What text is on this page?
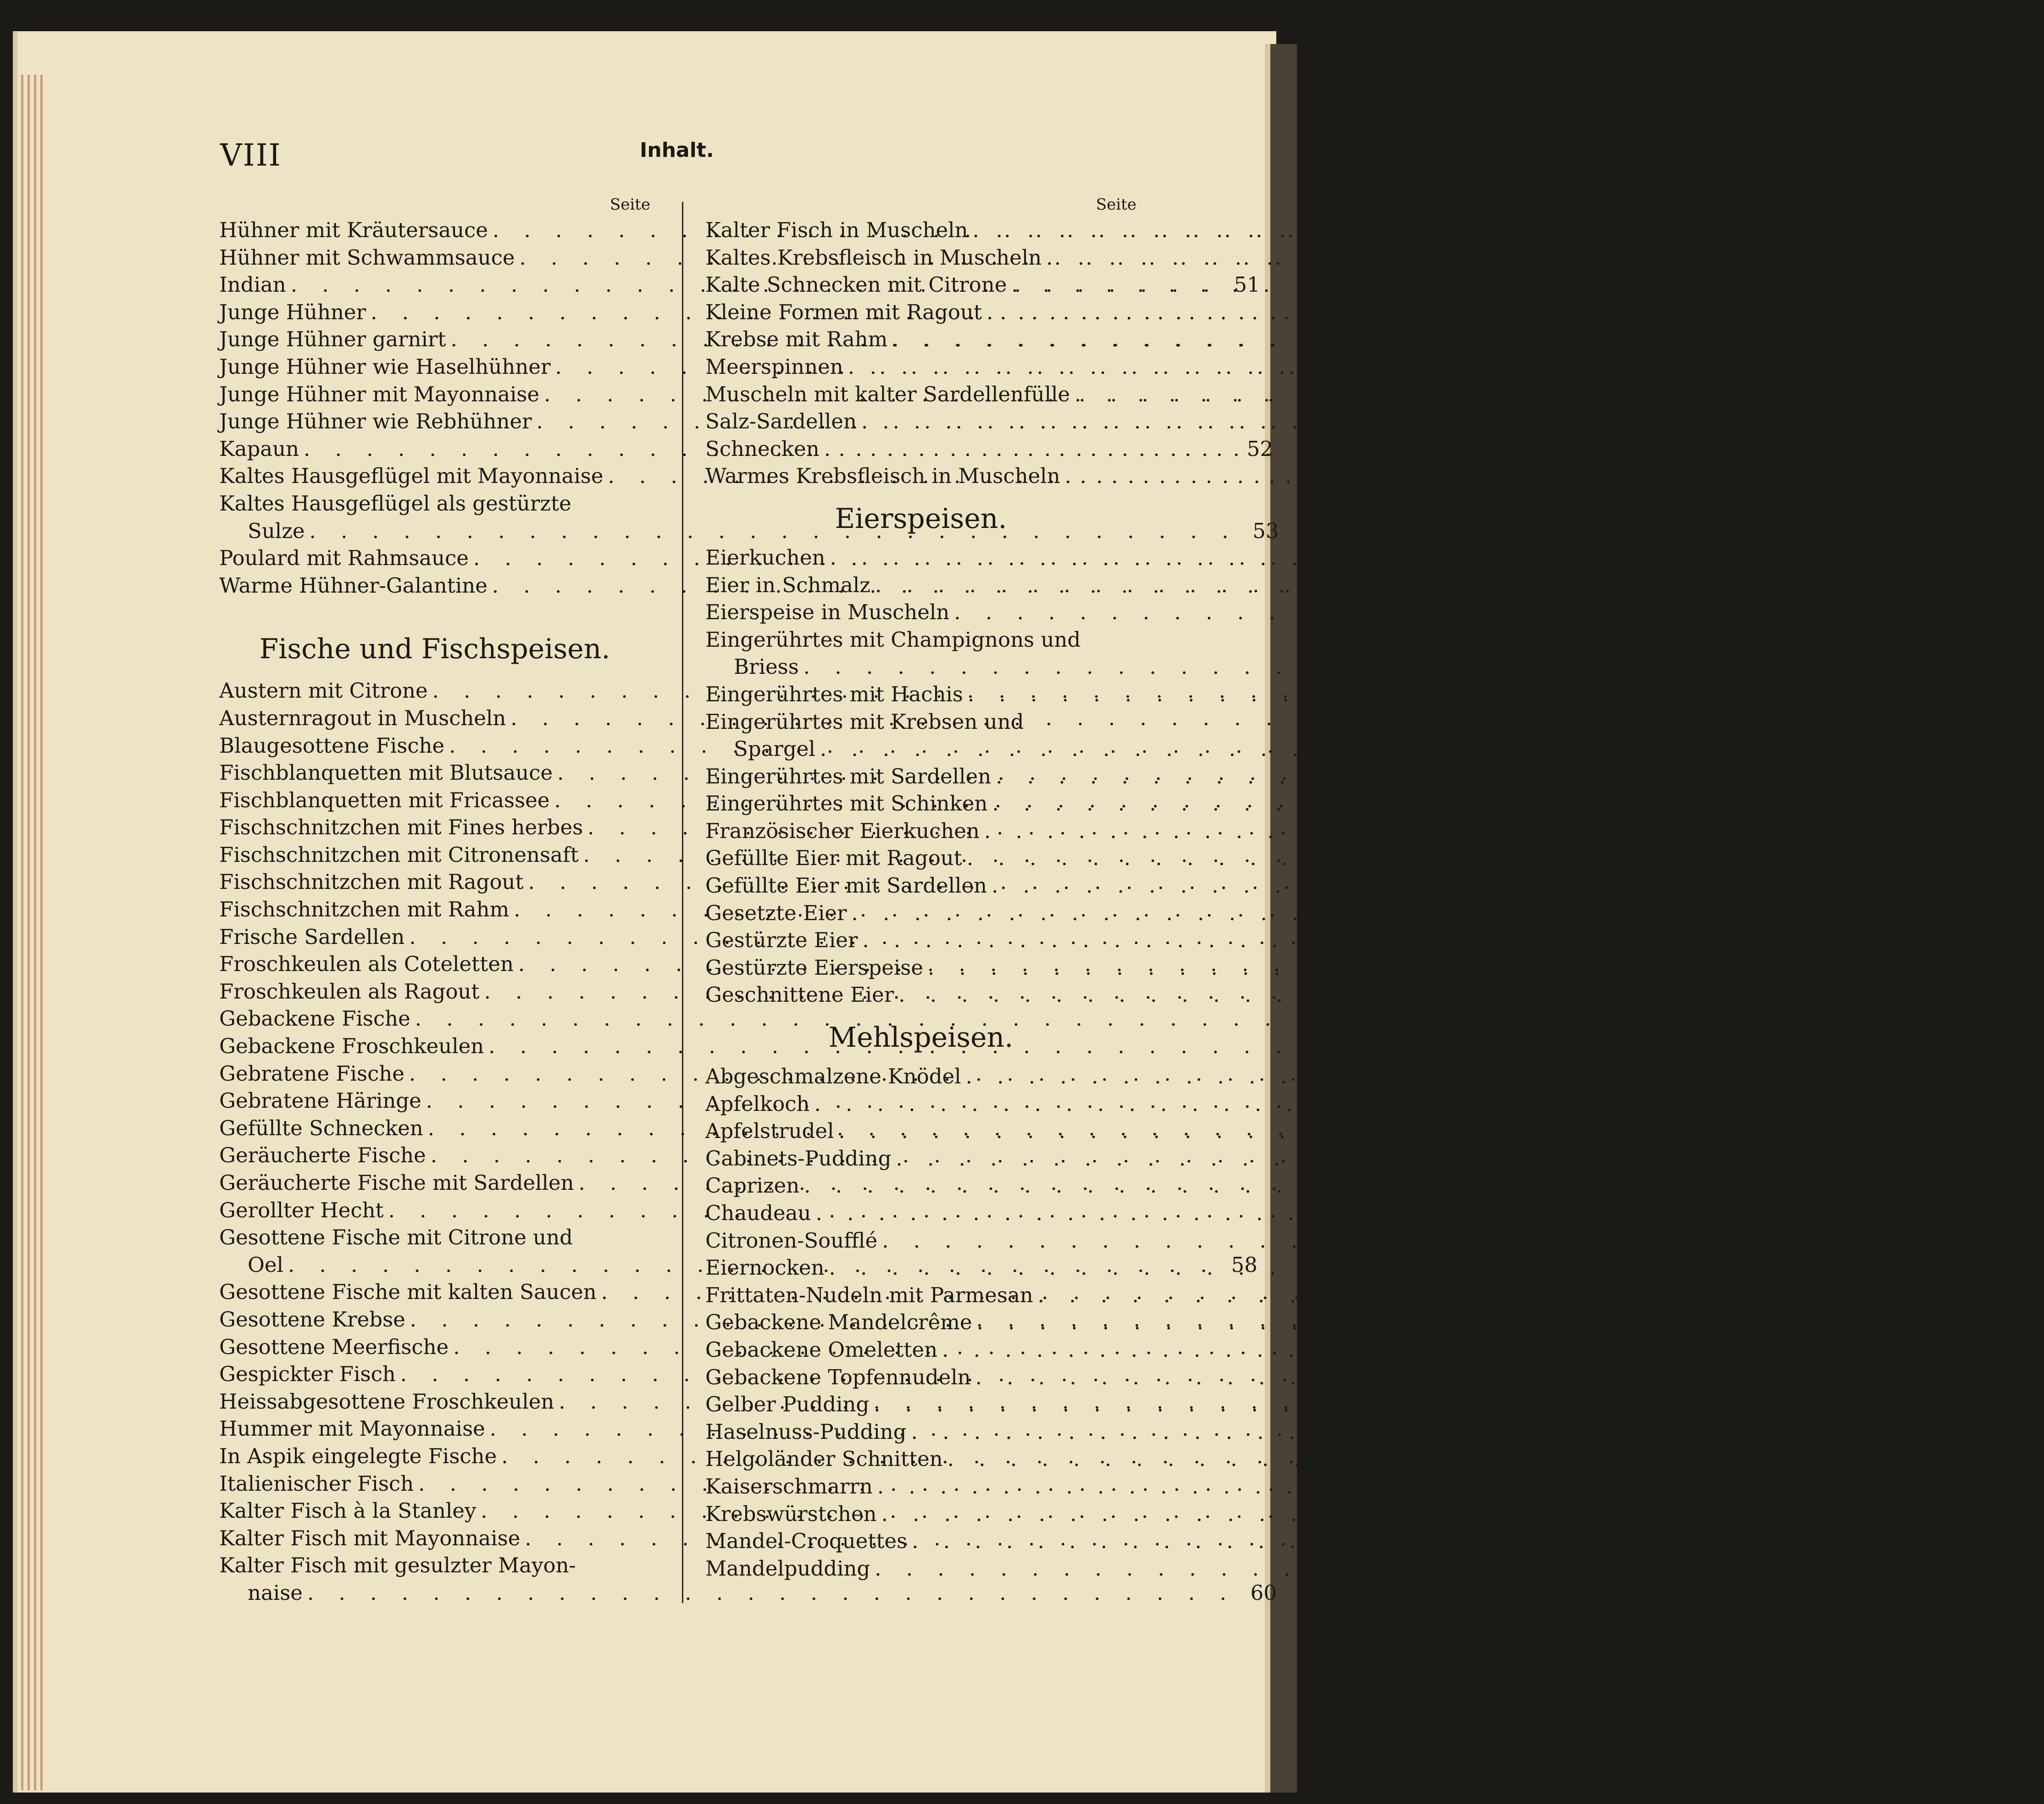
VIII	Inhalt.
Seite
Hühner mit Kräutersauce . . .	51
Hühner mit Schwammsauce . . .	51
Indian . . .	51
Junge Hühner . . .	52
Junge Hühner garnirt . . .	52
Junge Hühner wie Haselhühner . . .	52
Junge Hühner mit Mayonnaise . . .	52
Junge Hühner wie Rebhühner . . .	52
Kapaun . . .	52
Kaltes Hausgeflügel mit Mayonnaise . . .	52
Kaltes Hausgeflügel als gestürzte
Sulze . . .	53
Poulard mit Rahmsauce . . .	53
Warme Hühner-Galantine . . .	53
Fische und Fischspeisen.
Austern mit Citrone . . .	54
Austernragout in Muscheln . . .	54
Blaugesottene Fische . . .	54
Fischblanquetten mit Blutsauce . . .	55
Fischblanquetten mit Fricassee . . .	55
Fischschnitzchen mit Fines herbes . . .	55
Fischschnitzchen mit Citronensaft . . .	55
Fischschnitzchen mit Ragout . . .	55
Fischschnitzchen mit Rahm . . .	56
Frische Sardellen . . .	56
Froschkeulen als Coteletten . . .	56
Froschkeulen als Ragout . . .	56
Gebackene Fische . . .	56
Gebackene Froschkeulen . . .	57
Gebratene Fische . . .	57
Gebratene Häringe . . .	57
Gefüllte Schnecken . . .	57
Geräucherte Fische . . .	58
Geräucherte Fische mit Sardellen . . .	58
Gerollter Hecht . . .	58
Gesottene Fische mit Citrone und
Oel . . .	58
Gesottene Fische mit kalten Saucen . . .	58
Gesottene Krebse . . .	58
Gesottene Meerfische . . .	59
Gespickter Fisch . . .	59
Heissabgesottene Froschkeulen . . .	59
Hummer mit Mayonnaise . . .	59
In Aspik eingelegte Fische . . .	59
Italienischer Fisch . . .	60
Kalter Fisch à la Stanley . . .	60
Kalter Fisch mit Mayonnaise . . .	60
Kalter Fisch mit gesulzter Mayon-
naise . . .	60
Seite
Kalter Fisch in Muscheln . . .	60
Kaltes Krebsfleisch in Muscheln . . .	61
Kalte Schnecken mit Citrone . . .	61
Kleine Formen mit Ragout . . .	61
Krebse mit Rahm . . .	61
Meerspinnen . . .	61
Muscheln mit kalter Sardellenfülle . . .	61
Salz-Sardellen . . .	62
Schnecken . . .	62
Warmes Krebsfleisch in Muscheln . . .	62
Eierspeisen.
Eierkuchen . . .	63
Eier in Schmalz . . .	63
Eierspeise in Muscheln . . .	63
Eingerührtes mit Champignons und
Briess . . .	64
Eingerührtes mit Hachis . . .	64
Eingerührtes mit Krebsen und
Spargel . . .	64
Eingerührtes mit Sardellen . . .	64
Eingerührtes mit Schinken . . .	64
Französischer Eierkuchen . . .	64
Gefüllte Eier mit Ragout . . .	65
Gefüllte Eier mit Sardellen . . .	65
Gesetzte Eier . . .	65
Gestürzte Eier . . .	65
Gestürzte Eierspeise . . .	66
Geschnittene Eier . . .	66
Mehlspeisen.
Abgeschmalzene Knödel . . .	67
Apfelkoch . . .	67
Apfelstrudel . . .	67
Cabinets-Pudding . . .	68
Caprizen . . .	68
Chaudeau . . .	68
Citronen-Soufflé . . .	68
Eiernocken . . .	69
Frittaten-Nudeln mit Parmesan . . .	69
Gebackene Mandelcrême . . .	69
Gebackene Omeletten . . .	69
Gebackene Topfennudeln . . .	69
Gelber Pudding . . .	70
Haselnuss-Pudding . . .	70
Helgoländer Schnitten . . .	70
Kaiserschmarrn . . .	70
Krebswürstchen . . .	70
Mandel-Croquettes . . .	71
Mandelpudding . . .	71
